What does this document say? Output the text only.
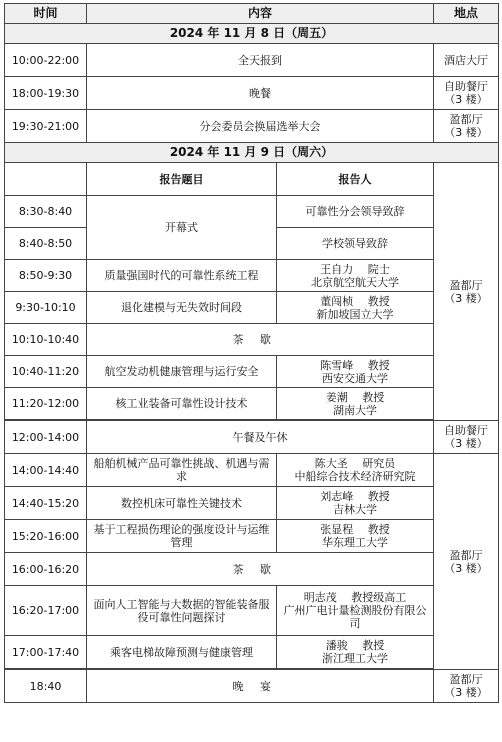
时间	内容		地点
2024 年 11 月 8 日（周五）			
10:00-22:00	全天报到		酒店大厅
18:00-19:30	晚餐		自助餐厅
（3 楼）
19:30-21:00	分会委员会换届选举大会		盈都厅
（3 楼）
2024 年 11 月 9 日（周六）			
	报告题目	报告人	盈都厅
（3 楼）
8:30-8:40	开幕式	可靠性分会领导致辞	
8:40-8:50		学校领导致辞	
8:50-9:30	质量强国时代的可靠性系统工程	王自力　 院士
北京航空航天大学	
9:30-10:10	退化建模与无失效时间段	董闯桢　 教授
新加坡国立大学	
10:10-10:40	茶歇		
10:40-11:20	航空发动机健康管理与运行安全	陈雪峰　 教授
西安交通大学	
11:20-12:00	核工业装备可靠性设计技术	姜潮　 教授
湖南大学	

12:00-14:00	午餐及午休		自助餐厅
（3 楼）
14:00-14:40	船舶机械产品可靠性挑战、机遇与需求	陈大圣　 研究员
中船综合技术经济研究院	盈都厅
（3 楼）
14:40-15:20	数控机床可靠性关键技术	刘志峰　 教授
吉林大学	
15:20-16:00	基于工程损伤理论的强度设计与运维管理	张显程　 教授
华东理工大学	
16:00-16:20	茶歇		
16:20-17:00	面向人工智能与大数据的智能装备服役可靠性问题探讨	明志茂　 教授级高工
广州广电计量检测股份有限公司	
17:00-17:40	乘客电梯故障预测与健康管理	潘骏　 教授
浙江理工大学	

18:40	晚宴		盈都厅
（3 楼）
